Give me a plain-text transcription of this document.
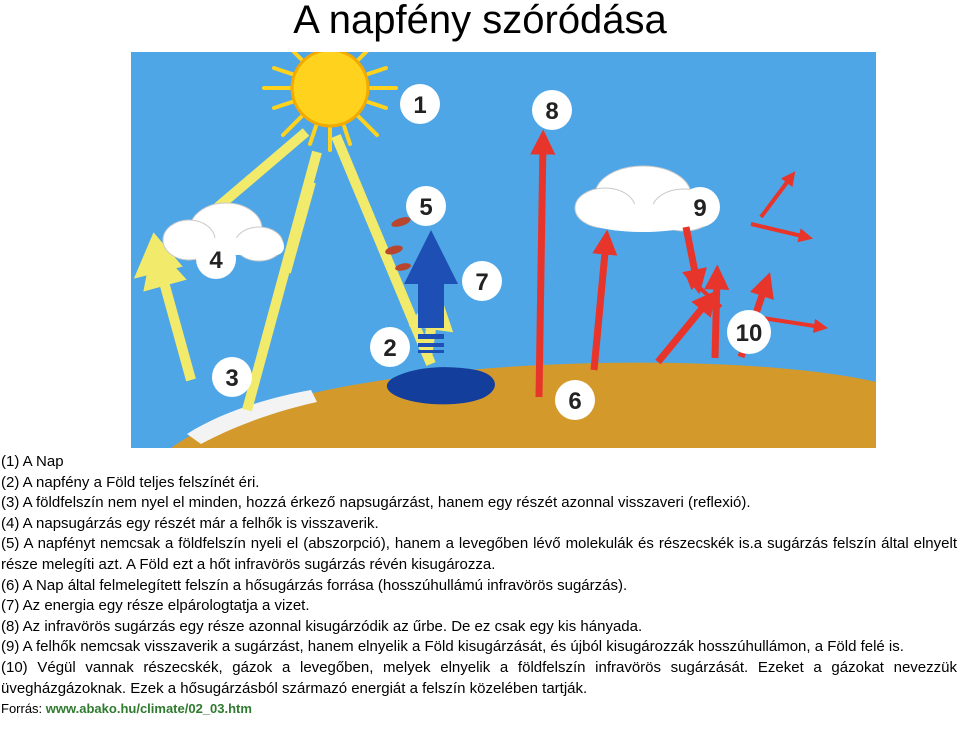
A napfény szóródása
1
2
3
4
5
6
7
8
9
10
(1) A Nap
(2) A napfény a Föld teljes felszínét éri.
(3) A földfelszín nem nyel el minden, hozzá érkező napsugárzást, hanem egy részét azonnal visszaveri (reflexió).
(4) A napsugárzás egy részét már a felhők is visszaverik.
(5) A napfényt nemcsak a földfelszín nyeli el (abszorpció), hanem a levegőben lévő molekulák és részecskék is.a sugárzás felszín által elnyelt része melegíti azt. A Föld ezt a hőt infravörös sugárzás révén kisugározza.
(6) A Nap által felmelegített felszín a hősugárzás forrása (hosszúhullámú infravörös sugárzás).
(7) Az energia egy része elpárologtatja a vizet.
(8) Az infravörös sugárzás egy része azonnal kisugárzódik az űrbe. De ez csak egy kis hányada.
(9) A felhők nemcsak visszaverik a sugárzást, hanem elnyelik a Föld kisugárzását, és újból kisugározzák hosszúhullámon, a Föld felé is.
(10) Végül vannak részecskék, gázok a levegőben, melyek elnyelik a földfelszín infravörös sugárzását. Ezeket a gázokat nevezzük üvegházgázoknak. Ezek a hősugárzásból származó energiát a felszín közelében tartják.
Forrás: www.abako.hu/climate/02_03.htm
